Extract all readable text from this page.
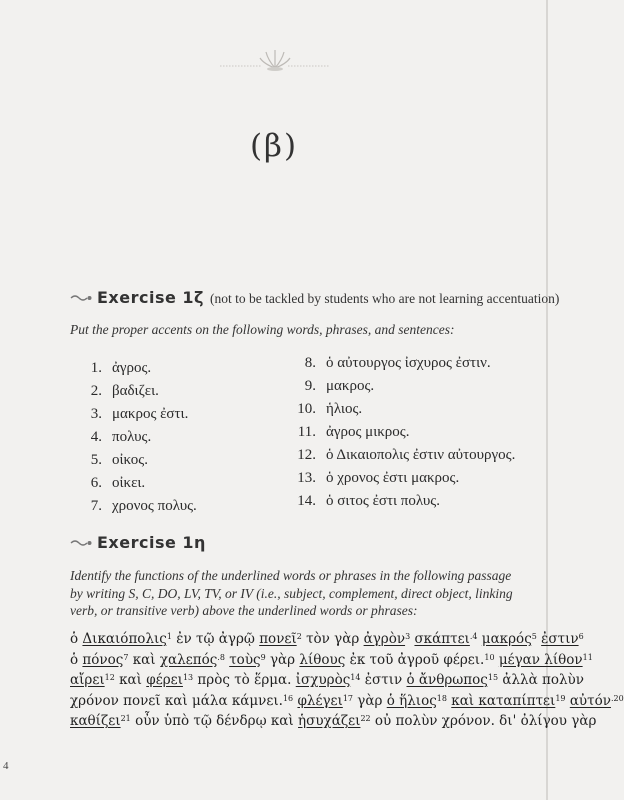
(β)
Exercise 1ζ (not to be tackled by students who are not learning accentuation)

Put the proper accents on the following words, phrases, and sentences:

1. ἀγρος.
2. βαδιζει.
3. μακρος ἐστι.
4. πολυς.
5. οἰκος.
6. οἰκει.
7. χρονος πολυς.
8. ὁ αὐτουργος ἰσχυρος ἐστιν.
9. μακρος.
10. ἡλιος.
11. ἀγρος μικρος.
12. ὁ Δικαιοπολις ἐστιν αὐτουργος.
13. ὁ χρονος ἐστι μακρος.
14. ὁ σιτος ἐστι πολυς.
Exercise 1η

Identify the functions of the underlined words or phrases in the following passage by writing S, C, DO, LV, TV, or IV (i.e., subject, complement, direct object, linking verb, or transitive verb) above the underlined words or phrases:

ὁ Δικαιόπολις$^1$ ἐν τῷ ἀγρῷ πονεῖ$^2$ τὸν γὰρ ἀγρὸν$^3$ σκάπτει$^{.4}$ μακρός$^5$ ἐστιν$^6$
ὁ πόνος$^7$ καὶ χαλεπός$^{.8}$ τοὺς$^9$ γὰρ λίθους ἐκ τοῦ ἀγροῦ φέρει.$^{10}$ μέγαν λίθον$^{11}$
αἴρει$^{12}$ καὶ φέρει$^{13}$ πρὸς τὸ ἕρμα. ἰσχυρὸς$^{14}$ ἐστιν ὁ ἄνθρωπος$^{15}$ ἀλλὰ πολὺν
χρόνον πονεῖ καὶ μάλα κάμνει.$^{16}$ φλέγει$^{17}$ γὰρ ὁ ἥλιος$^{18}$ καὶ καταπίπτει$^{19}$ αὐτόν$^{.20}$
καθίζει$^{21}$ οὖν ὑπὸ τῷ δένδρῳ καὶ ἡσυχάζει$^{22}$ οὐ πολὺν χρόνον. δι' ὀλίγου γὰρ
4
